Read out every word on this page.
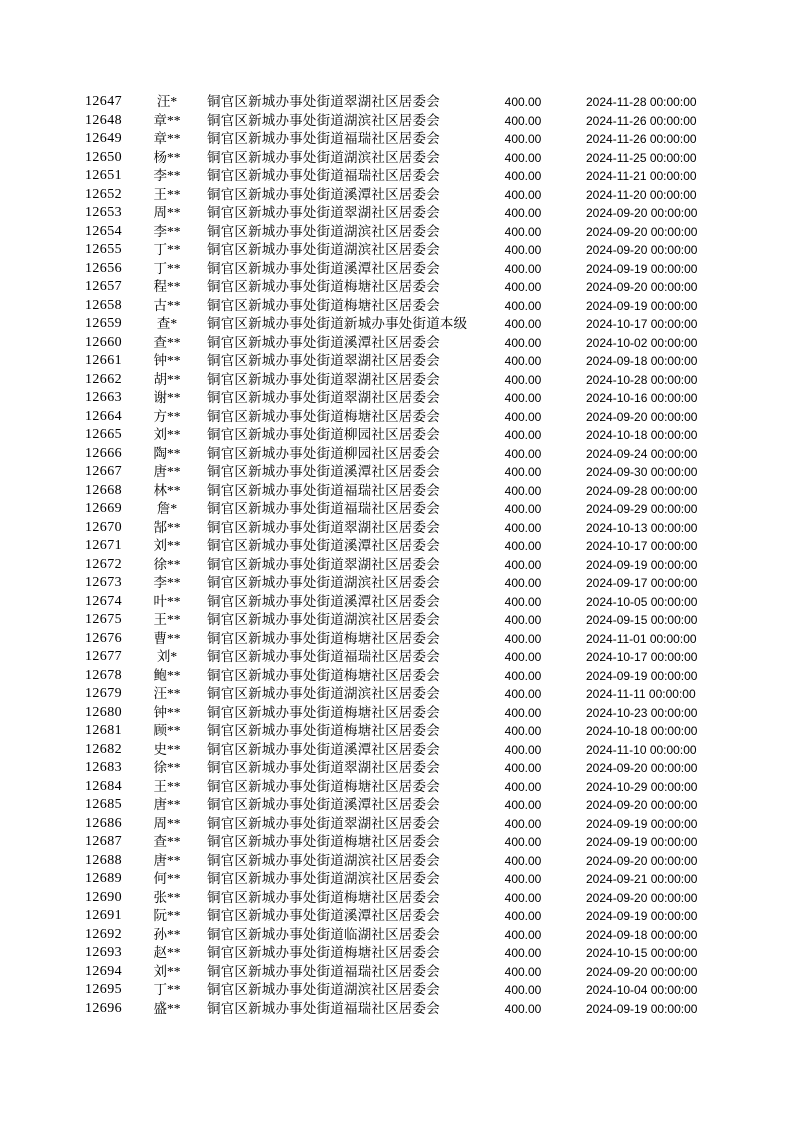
12647	汪*	铜官区新城办事处街道翠湖社区居委会	400.00	2024-11-28 00:00:00
12648	章**	铜官区新城办事处街道湖滨社区居委会	400.00	2024-11-26 00:00:00
12649	章**	铜官区新城办事处街道福瑞社区居委会	400.00	2024-11-26 00:00:00
12650	杨**	铜官区新城办事处街道湖滨社区居委会	400.00	2024-11-25 00:00:00
12651	李**	铜官区新城办事处街道福瑞社区居委会	400.00	2024-11-21 00:00:00
12652	王**	铜官区新城办事处街道溪潭社区居委会	400.00	2024-11-20 00:00:00
12653	周**	铜官区新城办事处街道翠湖社区居委会	400.00	2024-09-20 00:00:00
12654	李**	铜官区新城办事处街道湖滨社区居委会	400.00	2024-09-20 00:00:00
12655	丁**	铜官区新城办事处街道湖滨社区居委会	400.00	2024-09-20 00:00:00
12656	丁**	铜官区新城办事处街道溪潭社区居委会	400.00	2024-09-19 00:00:00
12657	程**	铜官区新城办事处街道梅塘社区居委会	400.00	2024-09-20 00:00:00
12658	古**	铜官区新城办事处街道梅塘社区居委会	400.00	2024-09-19 00:00:00
12659	查*	铜官区新城办事处街道新城办事处街道本级	400.00	2024-10-17 00:00:00
12660	查**	铜官区新城办事处街道溪潭社区居委会	400.00	2024-10-02 00:00:00
12661	钟**	铜官区新城办事处街道翠湖社区居委会	400.00	2024-09-18 00:00:00
12662	胡**	铜官区新城办事处街道翠湖社区居委会	400.00	2024-10-28 00:00:00
12663	谢**	铜官区新城办事处街道翠湖社区居委会	400.00	2024-10-16 00:00:00
12664	方**	铜官区新城办事处街道梅塘社区居委会	400.00	2024-09-20 00:00:00
12665	刘**	铜官区新城办事处街道柳园社区居委会	400.00	2024-10-18 00:00:00
12666	陶**	铜官区新城办事处街道柳园社区居委会	400.00	2024-09-24 00:00:00
12667	唐**	铜官区新城办事处街道溪潭社区居委会	400.00	2024-09-30 00:00:00
12668	林**	铜官区新城办事处街道福瑞社区居委会	400.00	2024-09-28 00:00:00
12669	詹*	铜官区新城办事处街道福瑞社区居委会	400.00	2024-09-29 00:00:00
12670	郜**	铜官区新城办事处街道翠湖社区居委会	400.00	2024-10-13 00:00:00
12671	刘**	铜官区新城办事处街道溪潭社区居委会	400.00	2024-10-17 00:00:00
12672	徐**	铜官区新城办事处街道翠湖社区居委会	400.00	2024-09-19 00:00:00
12673	李**	铜官区新城办事处街道湖滨社区居委会	400.00	2024-09-17 00:00:00
12674	叶**	铜官区新城办事处街道溪潭社区居委会	400.00	2024-10-05 00:00:00
12675	王**	铜官区新城办事处街道湖滨社区居委会	400.00	2024-09-15 00:00:00
12676	曹**	铜官区新城办事处街道梅塘社区居委会	400.00	2024-11-01 00:00:00
12677	刘*	铜官区新城办事处街道福瑞社区居委会	400.00	2024-10-17 00:00:00
12678	鲍**	铜官区新城办事处街道梅塘社区居委会	400.00	2024-09-19 00:00:00
12679	汪**	铜官区新城办事处街道湖滨社区居委会	400.00	2024-11-11 00:00:00
12680	钟**	铜官区新城办事处街道梅塘社区居委会	400.00	2024-10-23 00:00:00
12681	顾**	铜官区新城办事处街道梅塘社区居委会	400.00	2024-10-18 00:00:00
12682	史**	铜官区新城办事处街道溪潭社区居委会	400.00	2024-11-10 00:00:00
12683	徐**	铜官区新城办事处街道翠湖社区居委会	400.00	2024-09-20 00:00:00
12684	王**	铜官区新城办事处街道梅塘社区居委会	400.00	2024-10-29 00:00:00
12685	唐**	铜官区新城办事处街道溪潭社区居委会	400.00	2024-09-20 00:00:00
12686	周**	铜官区新城办事处街道翠湖社区居委会	400.00	2024-09-19 00:00:00
12687	查**	铜官区新城办事处街道梅塘社区居委会	400.00	2024-09-19 00:00:00
12688	唐**	铜官区新城办事处街道湖滨社区居委会	400.00	2024-09-20 00:00:00
12689	何**	铜官区新城办事处街道湖滨社区居委会	400.00	2024-09-21 00:00:00
12690	张**	铜官区新城办事处街道梅塘社区居委会	400.00	2024-09-20 00:00:00
12691	阮**	铜官区新城办事处街道溪潭社区居委会	400.00	2024-09-19 00:00:00
12692	孙**	铜官区新城办事处街道临湖社区居委会	400.00	2024-09-18 00:00:00
12693	赵**	铜官区新城办事处街道梅塘社区居委会	400.00	2024-10-15 00:00:00
12694	刘**	铜官区新城办事处街道福瑞社区居委会	400.00	2024-09-20 00:00:00
12695	丁**	铜官区新城办事处街道湖滨社区居委会	400.00	2024-10-04 00:00:00
12696	盛**	铜官区新城办事处街道福瑞社区居委会	400.00	2024-09-19 00:00:00
